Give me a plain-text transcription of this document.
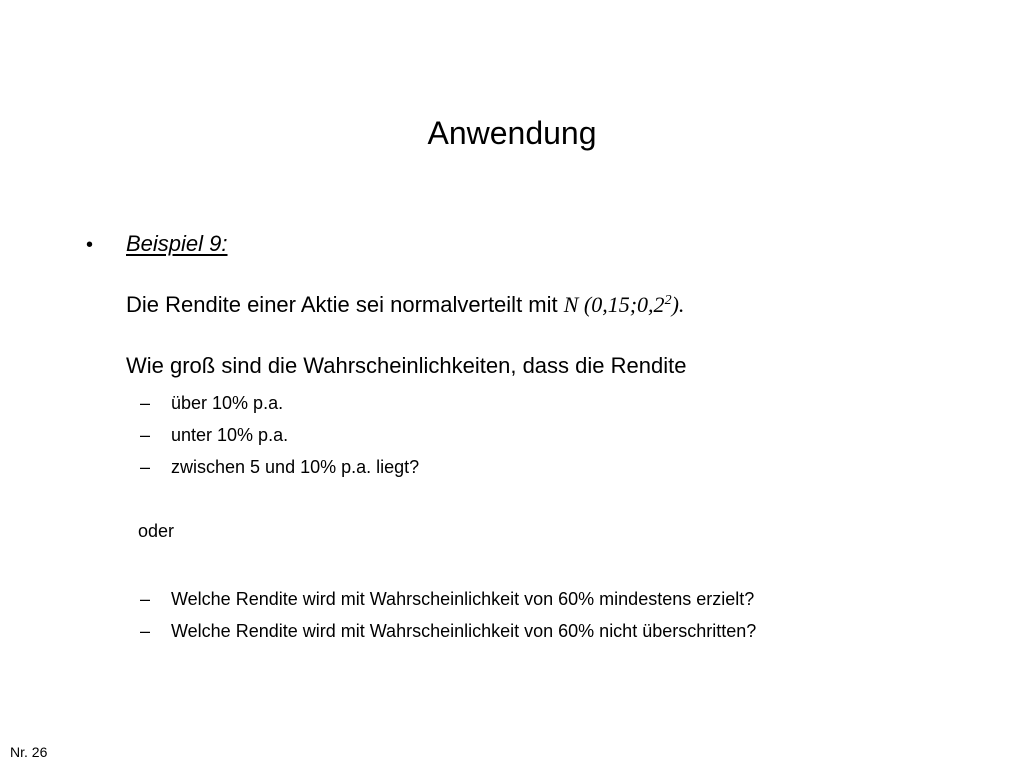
Anwendung
• Beispiel 9:
Die Rendite einer Aktie sei normalverteilt mit N $(0,15;0,2^2)$.
Wie groß sind die Wahrscheinlichkeiten, dass die Rendite
– über 10% p.a.
– unter 10% p.a.
– zwischen 5 und 10% p.a. liegt?
oder
– Welche Rendite wird mit Wahrscheinlichkeit von 60% mindestens erzielt?
– Welche Rendite wird mit Wahrscheinlichkeit von 60% nicht überschritten?
Nr. 26
